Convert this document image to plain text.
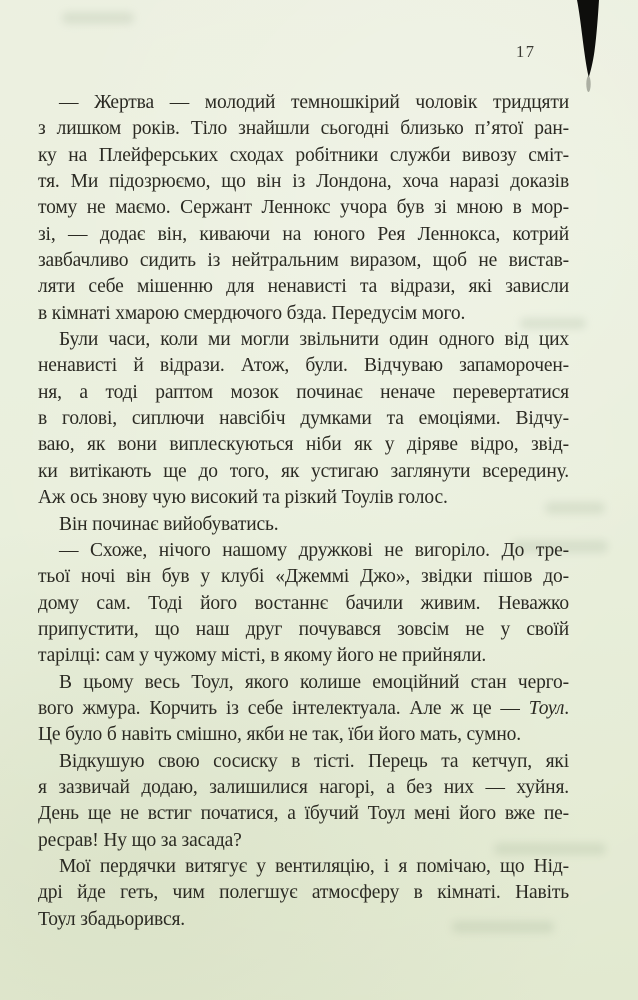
17
— Жертва — молодий темношкірий чоловік тридцяти
з лишком років. Тіло знайшли сьогодні близько п’ятої ран-
ку на Плейферських сходах робітники служби вивозу сміт-
тя. Ми підозрюємо, що він із Лондона, хоча наразі доказів
тому не маємо. Сержант Леннокс учора був зі мною в мор-
зі, — додає він, киваючи на юного Рея Леннокса, котрий
завбачливо сидить із нейтральним виразом, щоб не вистав-
ляти себе мішенню для ненависті та відрази, які зависли
в кімнаті хмарою смердючого бзда. Передусім мого.
Були часи, коли ми могли звільнити один одного від цих
ненависті й відрази. Атож, були. Відчуваю запаморочен-
ня, а тоді раптом мозок починає неначе перевертатися
в голові, сиплючи навсібіч думками та емоціями. Відчу-
ваю, як вони виплескуються ніби як у діряве відро, звід-
ки витікають ще до того, як устигаю заглянути всередину.
Аж ось знову чую високий та різкий Тоулів голос.
Він починає вийобуватись.
— Схоже, нічого нашому дружкові не вигоріло. До тре-
тьої ночі він був у клубі «Джеммі Джо», звідки пішов до-
дому сам. Тоді його востаннє бачили живим. Неважко
припустити, що наш друг почувався зовсім не у своїй
тарілці: сам у чужому місті, в якому його не прийняли.
В цьому весь Тоул, якого колише емоційний стан черго-
вого жмура. Корчить із себе інтелектуала. Але ж це — Тоул.
Це було б навіть смішно, якби не так, їби його мать, сумно.
Відкушую свою сосиску в тісті. Перець та кетчуп, які
я зазвичай додаю, залишилися нагорі, а без них — хуйня.
День ще не встиг початися, а їбучий Тоул мені його вже пе-
ресрав! Ну що за засада?
Мої пердячки витягує у вентиляцію, і я помічаю, що Нід-
дрі йде геть, чим полегшує атмосферу в кімнаті. Навіть
Тоул збадьорився.
